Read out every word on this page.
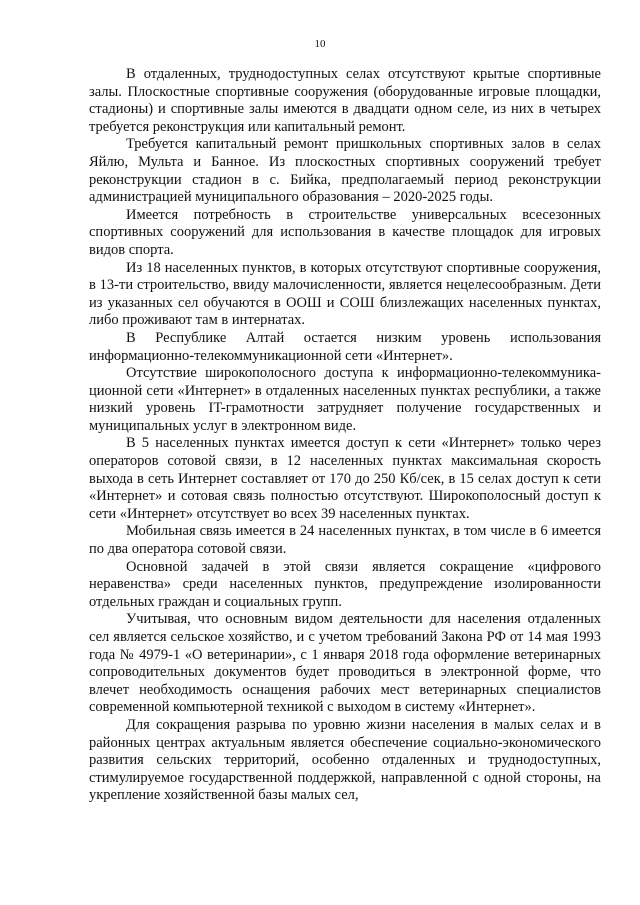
10

В отдаленных, труднодоступных селах отсутствуют крытые спортивные залы. Плоскостные спортивные сооружения (оборудованные игровые площадки, стадионы) и спортивные залы имеются в двадцати одном селе, из них в четырех требуется реконструкция или капитальный ремонт.

Требуется капитальный ремонт пришкольных спортивных залов в селах Яйлю, Мульта и Банное. Из плоскостных спортивных сооружений требует реконструкции стадион в с. Бийка, предполагаемый период реконструкции администрацией муниципального образования – 2020-2025 годы.

Имеется потребность в строительстве универсальных всесезонных спортивных сооружений для использования в качестве площадок для игровых видов спорта.

Из 18 населенных пунктов, в которых отсутствуют спортивные сооружения, в 13-ти строительство, ввиду малочисленности, является нецелесообразным. Дети из указанных сел обучаются в ООШ и СОШ близлежащих населенных пунктах, либо проживают там в интернатах.

В Республике Алтай остается низким уровень использования информационно-телекоммуникационной сети «Интернет».

Отсутствие широкополосного доступа к информационно-телекоммуника-ционной сети «Интернет» в отдаленных населенных пунктах республики, а также низкий уровень IT-грамотности затрудняет получение государственных и муниципальных услуг в электронном виде.

В 5 населенных пунктах имеется доступ к сети «Интернет» только через операторов сотовой связи, в 12 населенных пунктах максимальная скорость выхода в сеть Интернет составляет от 170 до 250 Кб/сек, в 15 селах доступ к сети «Интернет» и сотовая связь полностью отсутствуют. Широкополосный доступ к сети «Интернет» отсутствует во всех 39 населенных пунктах.

Мобильная связь имеется в 24 населенных пунктах, в том числе в 6 имеется по два оператора сотовой связи.

Основной задачей в этой связи является сокращение «цифрового неравенства» среди населенных пунктов, предупреждение изолированности отдельных граждан и социальных групп.

Учитывая, что основным видом деятельности для населения отдаленных сел является сельское хозяйство, и с учетом требований Закона РФ от 14 мая 1993 года № 4979-1 «О ветеринарии», с 1 января 2018 года оформление ветеринарных сопроводительных документов будет проводиться в электронной форме, что влечет необходимость оснащения рабочих мест ветеринарных специалистов современной компьютерной техникой с выходом в систему «Интернет».

Для сокращения разрыва по уровню жизни населения в малых селах и в районных центрах актуальным является обеспечение социально-экономического развития сельских территорий, особенно отдаленных и труднодоступных, стимулируемое государственной поддержкой, направленной с одной стороны, на укрепление хозяйственной базы малых сел,
